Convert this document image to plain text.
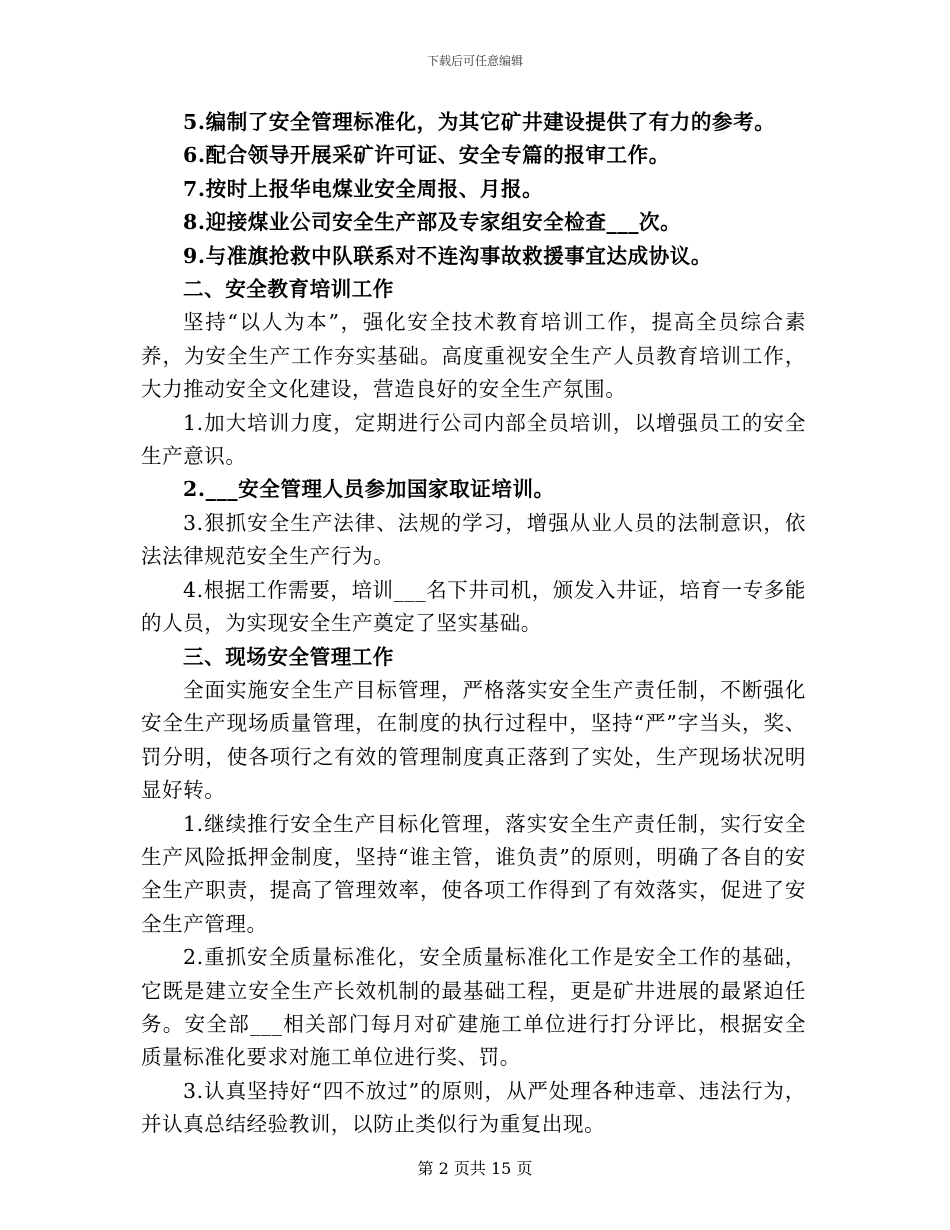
下载后可任意编辑

5.编制了安全管理标准化，为其它矿井建设提供了有力的参考。

6.配合领导开展采矿许可证、安全专篇的报审工作。

7.按时上报华电煤业安全周报、月报。

8.迎接煤业公司安全生产部及专家组安全检查___次。

9.与准旗抢救中队联系对不连沟事故救援事宜达成协议。

二、安全教育培训工作

坚持“以人为本”，强化安全技术教育培训工作，提高全员综合素养，为安全生产工作夯实基础。高度重视安全生产人员教育培训工作，大力推动安全文化建设，营造良好的安全生产氛围。

1.加大培训力度，定期进行公司内部全员培训，以增强员工的安全生产意识。

2.___安全管理人员参加国家取证培训。

3.狠抓安全生产法律、法规的学习，增强从业人员的法制意识，依法法律规范安全生产行为。

4.根据工作需要，培训___名下井司机，颁发入井证，培育一专多能的人员，为实现安全生产奠定了坚实基础。

三、现场安全管理工作

全面实施安全生产目标管理，严格落实安全生产责任制，不断强化安全生产现场质量管理，在制度的执行过程中，坚持“严”字当头，奖、罚分明，使各项行之有效的管理制度真正落到了实处，生产现场状况明显好转。

1.继续推行安全生产目标化管理，落实安全生产责任制，实行安全生产风险抵押金制度，坚持“谁主管，谁负责”的原则，明确了各自的安全生产职责，提高了管理效率，使各项工作得到了有效落实，促进了安全生产管理。

2.重抓安全质量标准化，安全质量标准化工作是安全工作的基础，它既是建立安全生产长效机制的最基础工程，更是矿井进展的最紧迫任务。安全部___相关部门每月对矿建施工单位进行打分评比，根据安全质量标准化要求对施工单位进行奖、罚。

3.认真坚持好“四不放过”的原则，从严处理各种违章、违法行为，并认真总结经验教训，以防止类似行为重复出现。

第 2 页共 15 页
